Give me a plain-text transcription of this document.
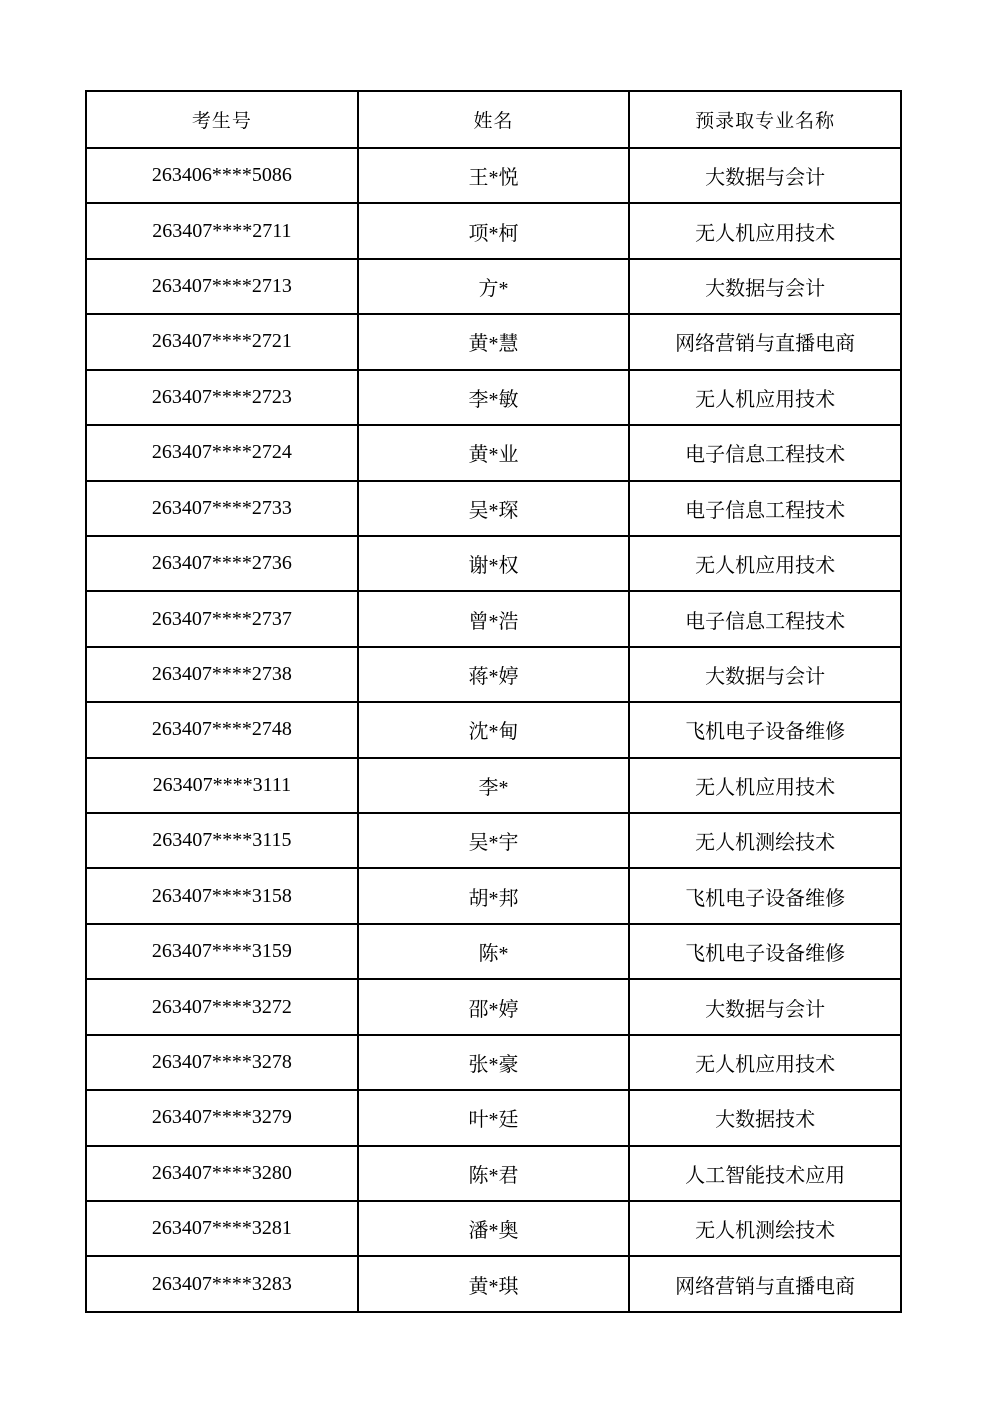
考生号	姓名	预录取专业名称
263406****5086	王*悦	大数据与会计
263407****2711	项*柯	无人机应用技术
263407****2713	方*	大数据与会计
263407****2721	黄*慧	网络营销与直播电商
263407****2723	李*敏	无人机应用技术
263407****2724	黄*业	电子信息工程技术
263407****2733	吴*琛	电子信息工程技术
263407****2736	谢*权	无人机应用技术
263407****2737	曾*浩	电子信息工程技术
263407****2738	蒋*婷	大数据与会计
263407****2748	沈*甸	飞机电子设备维修
263407****3111	李*	无人机应用技术
263407****3115	吴*宇	无人机测绘技术
263407****3158	胡*邦	飞机电子设备维修
263407****3159	陈*	飞机电子设备维修
263407****3272	邵*婷	大数据与会计
263407****3278	张*豪	无人机应用技术
263407****3279	叶*廷	大数据技术
263407****3280	陈*君	人工智能技术应用
263407****3281	潘*奥	无人机测绘技术
263407****3283	黄*琪	网络营销与直播电商
